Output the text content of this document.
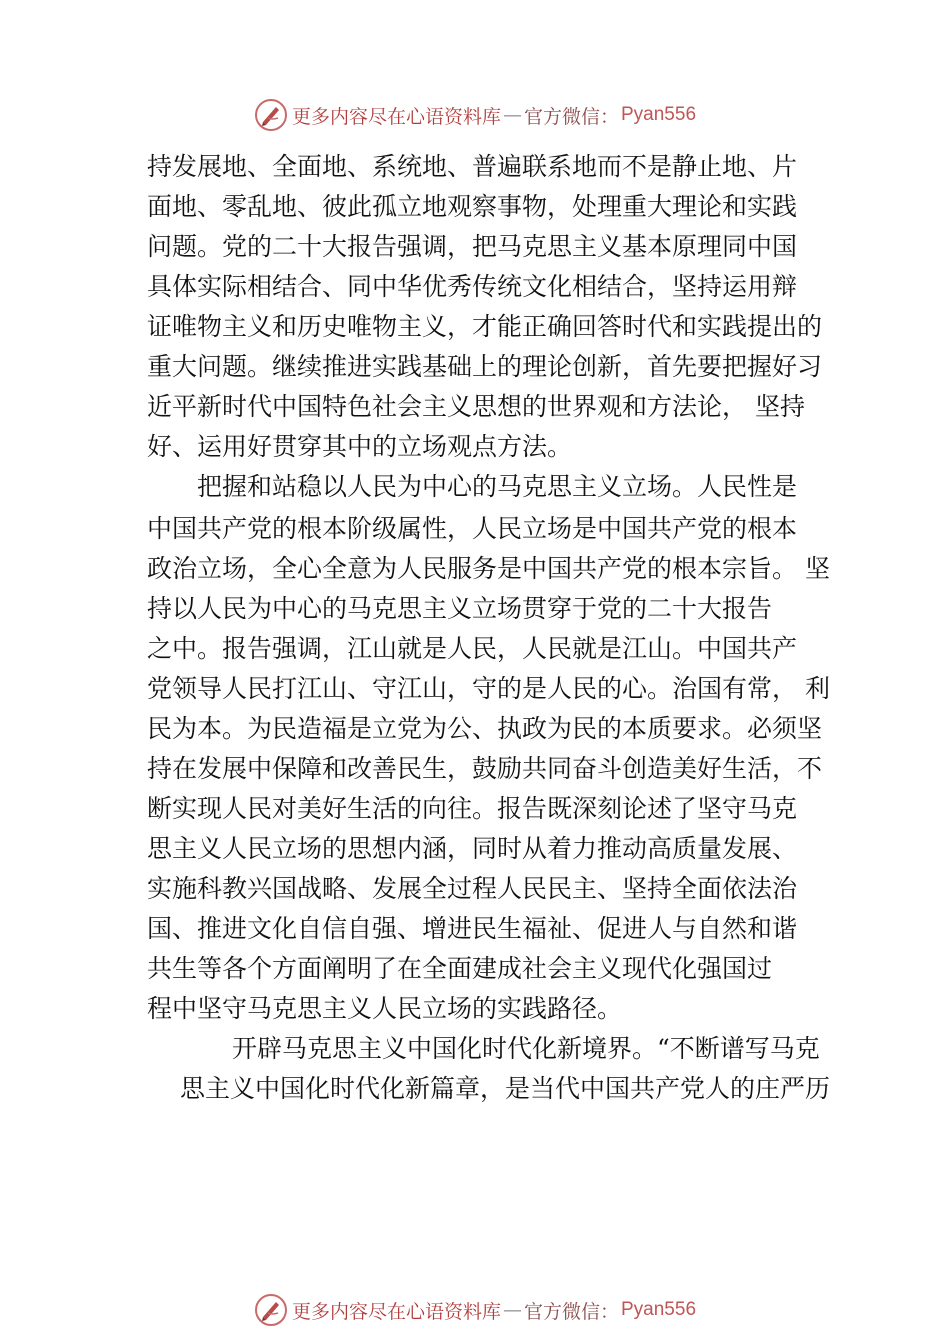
更多内容尽在心语资料库 — 官方微信： Pyan556
持发展地、全面地、系统地、普遍联系地而不是静止地、片
面地、零乱地、彼此孤立地观察事物，处理重大理论和实践
问题。党的二十大报告强调，把马克思主义基本原理同中国
具体实际相结合、同中华优秀传统文化相结合，坚持运用辩
证唯物主义和历史唯物主义，才能正确回答时代和实践提出的
重大问题。继续推进实践基础上的理论创新，首先要把握好习
近平新时代中国特色社会主义思想的世界观和方法论， 坚持
好、运用好贯穿其中的立场观点方法。
把握和站稳以人民为中心的马克思主义立场。人民性是
中国共产党的根本阶级属性，人民立场是中国共产党的根本
政治立场，全心全意为人民服务是中国共产党的根本宗旨。 坚
持以人民为中心的马克思主义立场贯穿于党的二十大报告
之中。报告强调，江山就是人民，人民就是江山。中国共产
党领导人民打江山、守江山，守的是人民的心。治国有常， 利
民为本。为民造福是立党为公、执政为民的本质要求。必须坚
持在发展中保障和改善民生，鼓励共同奋斗创造美好生活，不
断实现人民对美好生活的向往。报告既深刻论述了坚守马克
思主义人民立场的思想内涵，同时从着力推动高质量发展、
实施科教兴国战略、发展全过程人民民主、坚持全面依法治
国、推进文化自信自强、增进民生福祉、促进人与自然和谐
共生等各个方面阐明了在全面建成社会主义现代化强国过
程中坚守马克思主义人民立场的实践路径。
开辟马克思主义中国化时代化新境界。“不断谱写马克
思主义中国化时代化新篇章，是当代中国共产党人的庄严历
更多内容尽在心语资料库 — 官方微信： Pyan556
